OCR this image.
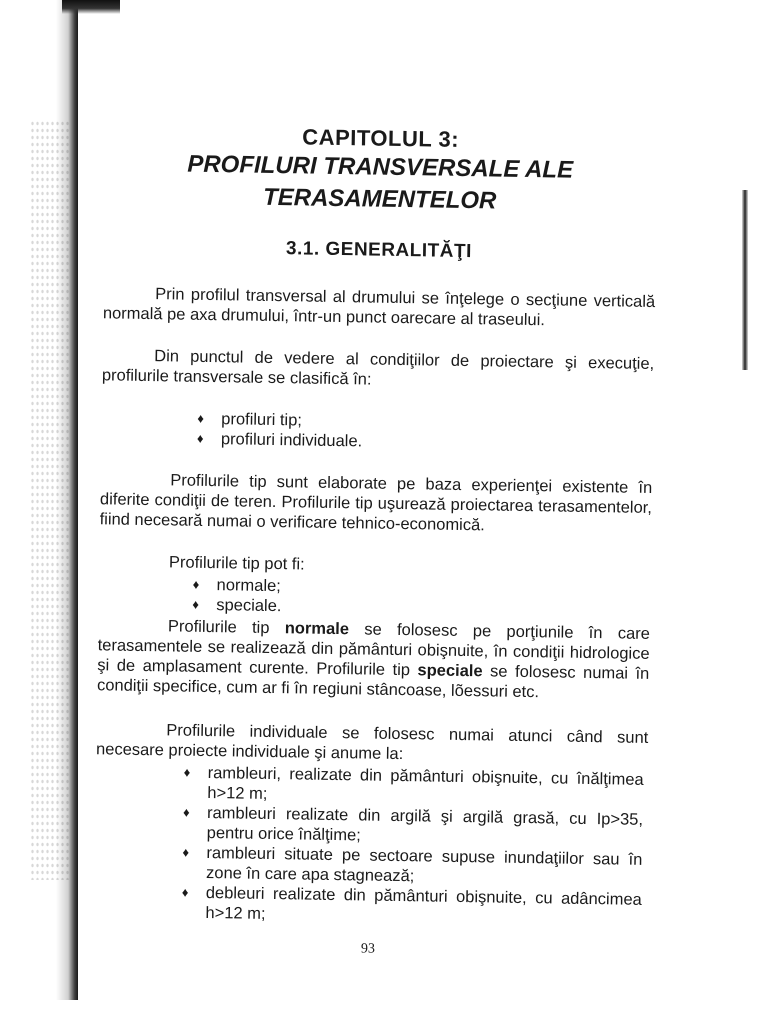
CAPITOLUL 3:
PROFILURI TRANSVERSALE ALE
TERASAMENTELOR
3.1. GENERALITĂŢI

Prin profilul transversal al drumului se înţelege o secţiune verticală normală pe axa drumului, într-un punct oarecare al traseului.

Din punctul de vedere al condiţiilor de proiectare şi execuţie, profilurile transversale se clasifică în:

♦ profiluri tip;
♦ profiluri individuale.

Profilurile tip sunt elaborate pe baza experienţei existente în diferite condiţii de teren. Profilurile tip uşurează proiectarea terasamentelor, fiind necesară numai o verificare tehnico-economică.

Profilurile tip pot fi:

♦ normale;
♦ speciale.

Profilurile tip normale se folosesc pe porţiunile în care terasamentele se realizează din pământuri obişnuite, în condiţii hidrologice şi de amplasament curente. Profilurile tip speciale se folosesc numai în condiţii specifice, cum ar fi în regiuni stâncoase, lõessuri etc.

Profilurile individuale se folosesc numai atunci când sunt necesare proiecte individuale şi anume la:

♦ rambleuri, realizate din pământuri obişnuite, cu înălţimea h>12 m;
♦ rambleuri realizate din argilă şi argilă grasă, cu Ip>35, pentru orice înălţime;
♦ rambleuri situate pe sectoare supuse inundaţiilor sau în zone în care apa stagnează;
♦ debleuri realizate din pământuri obişnuite, cu adâncimea h>12 m;
93
